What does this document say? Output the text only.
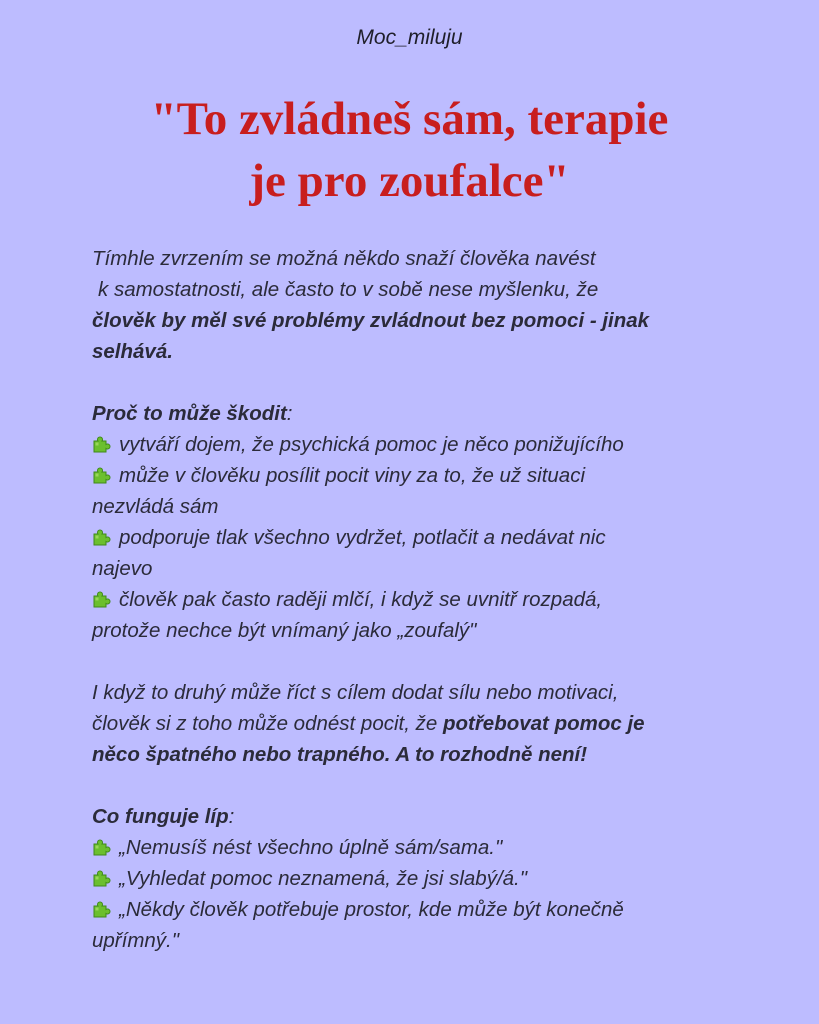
Moc_miluju
"To zvládneš sám, terapie
je pro zoufalce"

Tímhle zvrzením se možná někdo snaží člověka navést
k samostatnosti, ale často to v sobě nese myšlenku, že
člověk by měl své problémy zvládnout bez pomoci - jinak
selhává.

Proč to může škodit:

vytváří dojem, že psychická pomoc je něco ponižujícího
může v člověku posílit pocit viny za to, že už situaci
nezvládá sám
podporuje tlak všechno vydržet, potlačit a nedávat nic
najevo
člověk pak často raději mlčí, i když se uvnitř rozpadá,
protože nechce být vnímaný jako „zoufalý"

I když to druhý může říct s cílem dodat sílu nebo motivaci,
člověk si z toho může odnést pocit, že potřebovat pomoc je
něco špatného nebo trapného. A to rozhodně není!

Co funguje líp:

„Nemusíš nést všechno úplně sám/sama."
„Vyhledat pomoc neznamená, že jsi slabý/á."
„Někdy člověk potřebuje prostor, kde může být konečně
upřímný."
